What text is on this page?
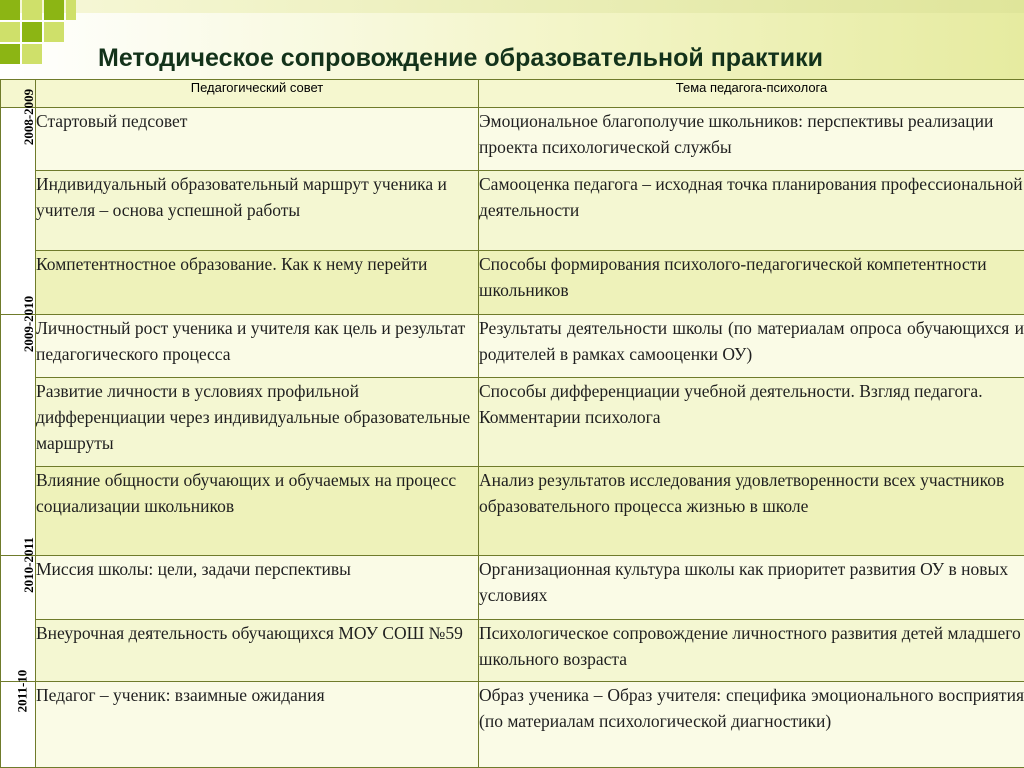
Методическое сопровождение образовательной практики
	Педагогический совет	Тема педагога-психолога
2008-2009	Стартовый педсовет	Эмоциональное благополучие школьников: перспективы реализации проекта психологической службы
	Индивидуальный образовательный маршрут ученика и учителя – основа успешной работы	Самооценка педагога – исходная точка планирования профессиональной деятельности
	Компетентностное образование. Как к нему перейти	Способы формирования психолого-педагогической компетентности школьников
2009-2010	Личностный рост ученика и учителя как цель и результат педагогического процесса	Результаты деятельности школы (по материалам опроса обучающихся и родителей в рамках самооценки ОУ)
	Развитие личности в условиях профильной дифференциации через индивидуальные образовательные маршруты	Способы дифференциации учебной деятельности. Взгляд педагога. Комментарии психолога
	Влияние общности обучающих и обучаемых на процесс социализации школьников	Анализ результатов исследования удовлетворенности всех участников образовательного процесса жизнью в школе
2010-2011	Миссия школы: цели, задачи перспективы	Организационная культура школы как приоритет развития ОУ в новых условиях
	Внеурочная деятельность обучающихся МОУ СОШ №59	Психологическое сопровождение личностного развития детей младшего школьного возраста
2011-10	Педагог – ученик: взаимные ожидания	Образ ученика – Образ учителя: специфика эмоционального восприятия (по материалам психологической диагностики)
